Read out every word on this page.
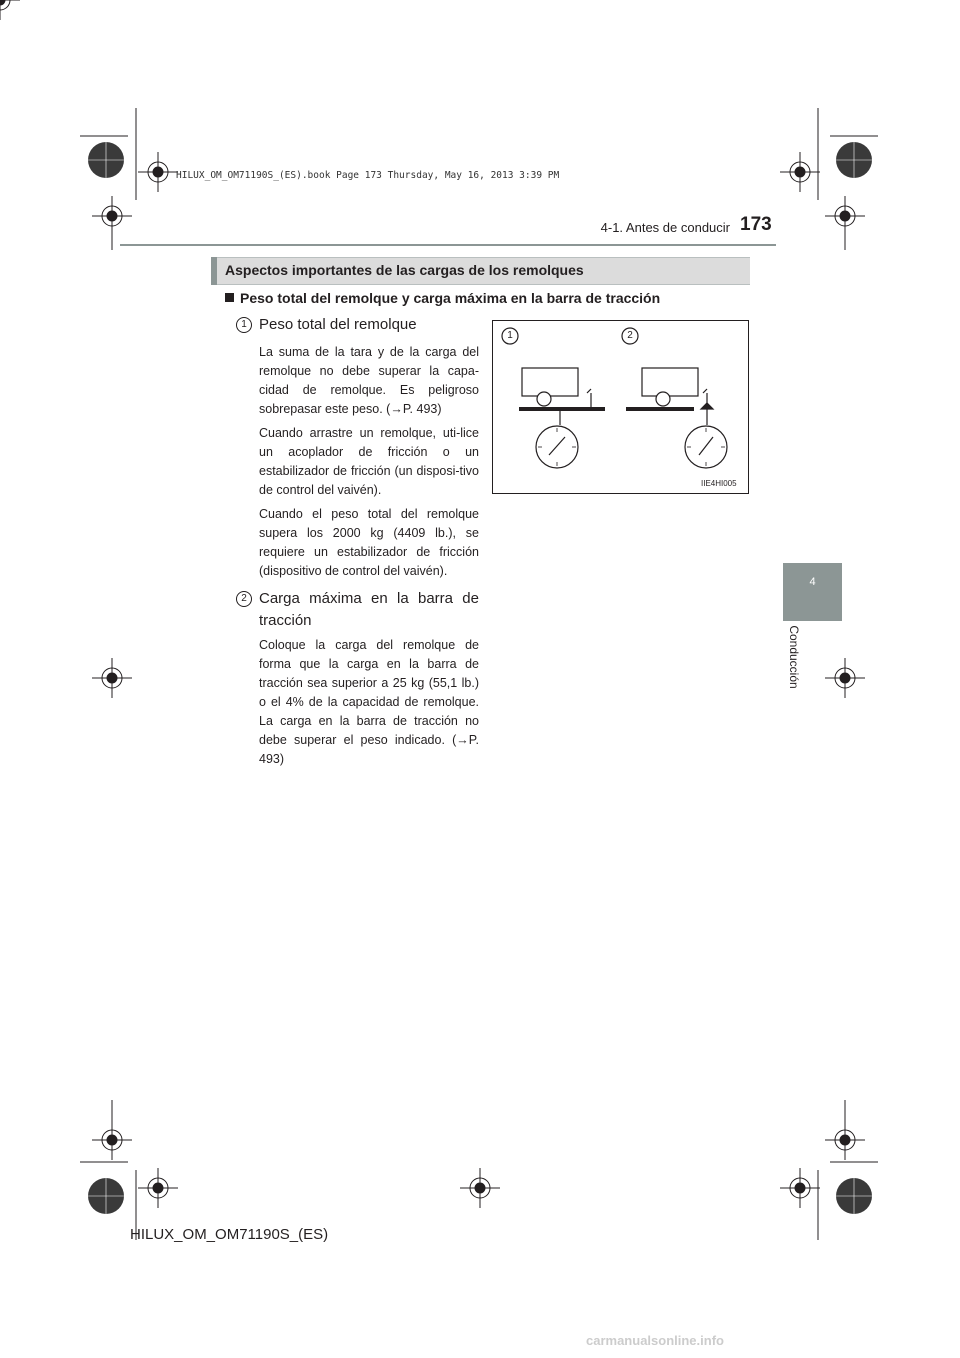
HILUX_OM_OM71190S_(ES).book Page 173 Thursday, May 16, 2013 3:39 PM
4-1. Antes de conducir 173
4
Conducción
Aspectos importantes de las cargas de los remolques
Peso total del remolque y carga máxima en la barra de tracción
1 Peso total del remolque
La suma de la tara y de la carga del remolque no debe superar la capa-cidad de remolque. Es peligroso sobrepasar este peso. (→P. 493)
Cuando arrastre un remolque, uti-lice un acoplador de fricción o un estabilizador de fricción (un disposi-tivo de control del vaivén).
Cuando el peso total del remolque supera los 2000 kg (4409 lb.), se requiere un estabilizador de fricción (dispositivo de control del vaivén).
2 Carga máxima en la barra de tracción
Coloque la carga del remolque de forma que la carga en la barra de tracción sea superior a 25 kg (55,1 lb.) o el 4% de la capacidad de remolque. La carga en la barra de tracción no debe superar el peso indicado. (→P. 493)
1	2
IIE4HI005
HILUX_OM_OM71190S_(ES)
carmanualsonline.info
